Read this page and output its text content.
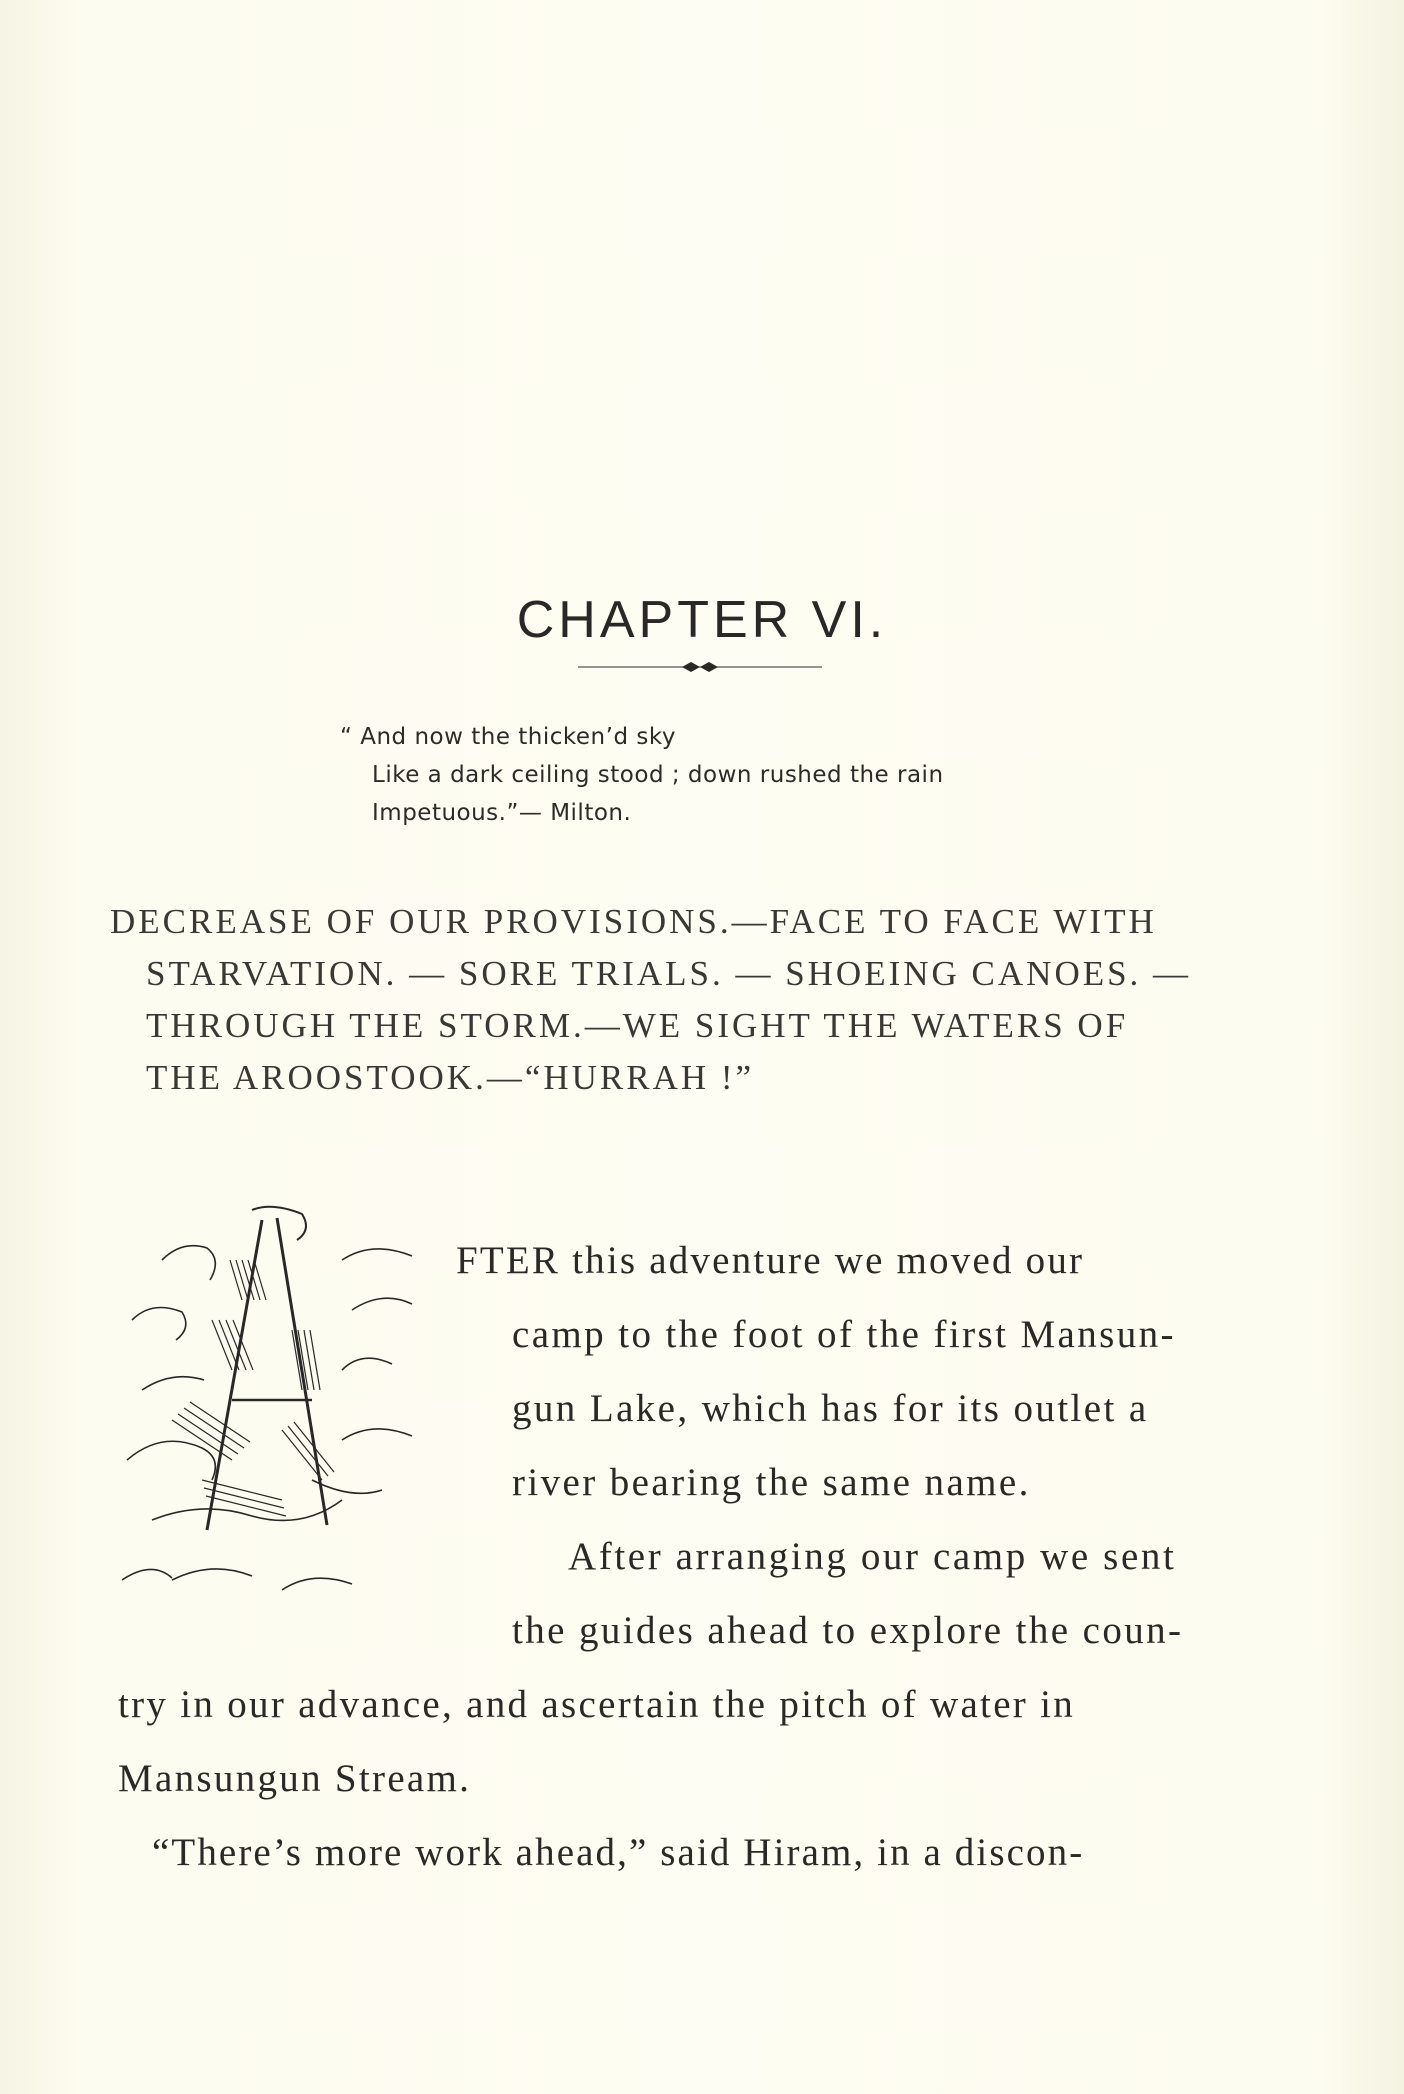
CHAPTER VI.
“ And now the thicken’d sky
Like a dark ceiling stood ; down rushed the rain
Impetuous.”— Milton.
DECREASE OF OUR PROVISIONS.—FACE TO FACE WITH
STARVATION. — SORE TRIALS. — SHOEING CANOES. —
THROUGH THE STORM.—WE SIGHT THE WATERS OF
THE AROOSTOOK.—“HURRAH !”
FTER this adventure we moved our
camp to the foot of the first Mansun-
gun Lake, which has for its outlet a
river bearing the same name.
After arranging our camp we sent
the guides ahead to explore the coun-
try in our advance, and ascertain the pitch of water in
Mansungun Stream.
“There’s more work ahead,” said Hiram, in a discon-
